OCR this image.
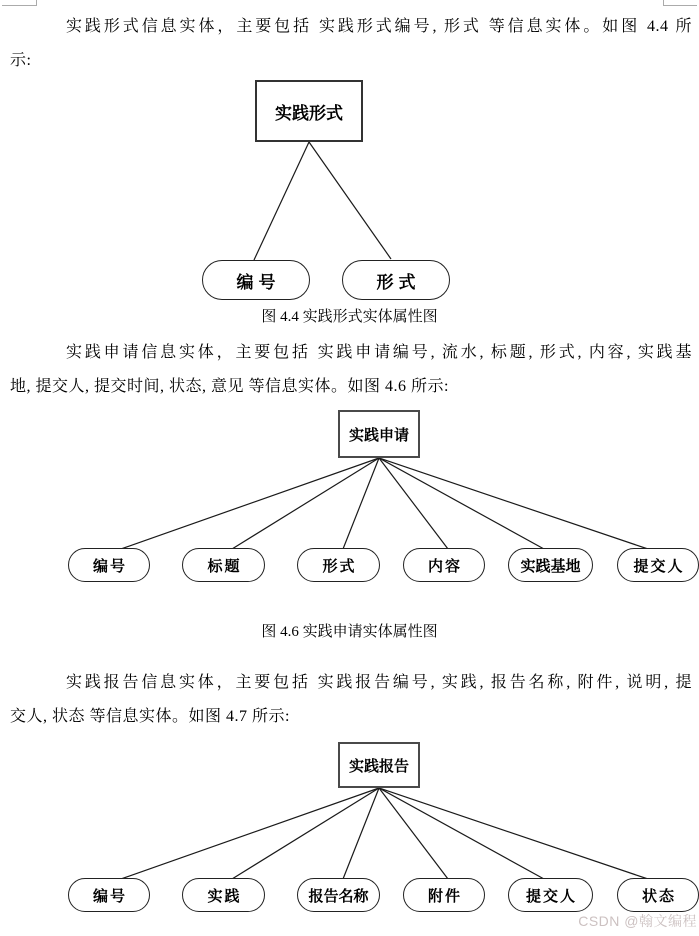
实践形式信息实体，主要包括 实践形式编号, 形式 等信息实体。如图 4.4 所
示:
实践形式
编号	形式
图 4.4 实践形式实体属性图
实践申请信息实体，主要包括 实践申请编号, 流水, 标题, 形式, 内容, 实践基
地, 提交人, 提交时间, 状态, 意见 等信息实体。如图 4.6 所示:
实践申请
编号	标题	形式	内容	实践基地	提交人
图 4.6 实践申请实体属性图
实践报告信息实体，主要包括 实践报告编号, 实践, 报告名称, 附件, 说明, 提
交人, 状态 等信息实体。如图 4.7 所示:
实践报告
编号	实践	报告名称	附件	提交人	状态
CSDN @翰文编程
